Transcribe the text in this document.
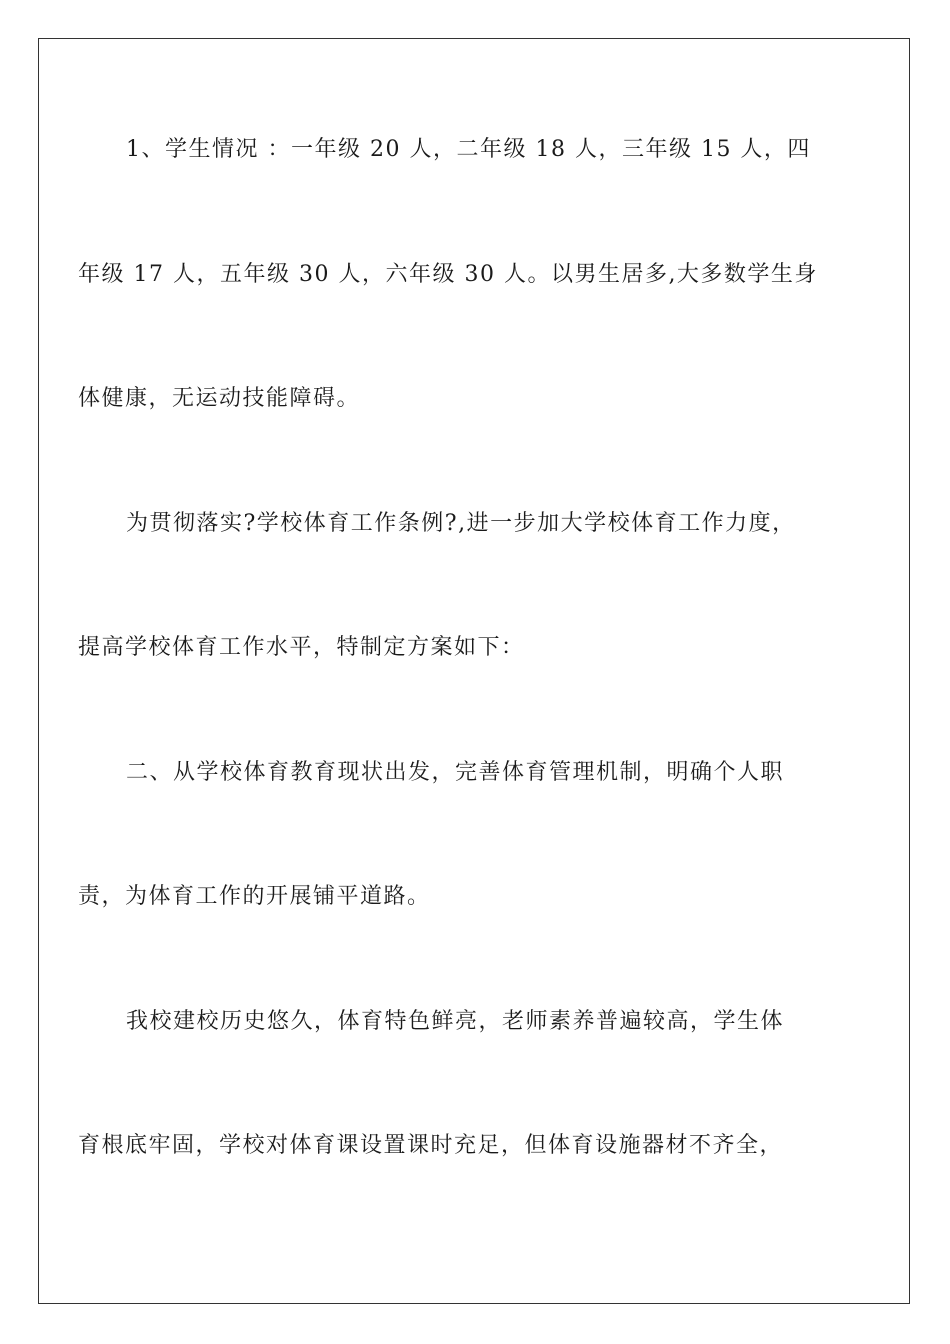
1、学生情况 ：一年级 20 人，二年级 18 人，三年级 15 人，四
年级 17 人，五年级 30 人，六年级 30 人。以男生居多,大多数学生身
体健康，无运动技能障碍。

为贯彻落实?学校体育工作条例?,进一步加大学校体育工作力度，
提高学校体育工作水平，特制定方案如下：

二、从学校体育教育现状出发，完善体育管理机制，明确个人职
责，为体育工作的开展铺平道路。

我校建校历史悠久，体育特色鲜亮，老师素养普遍较高，学生体
育根底牢固，学校对体育课设置课时充足，但体育设施器材不齐全，
